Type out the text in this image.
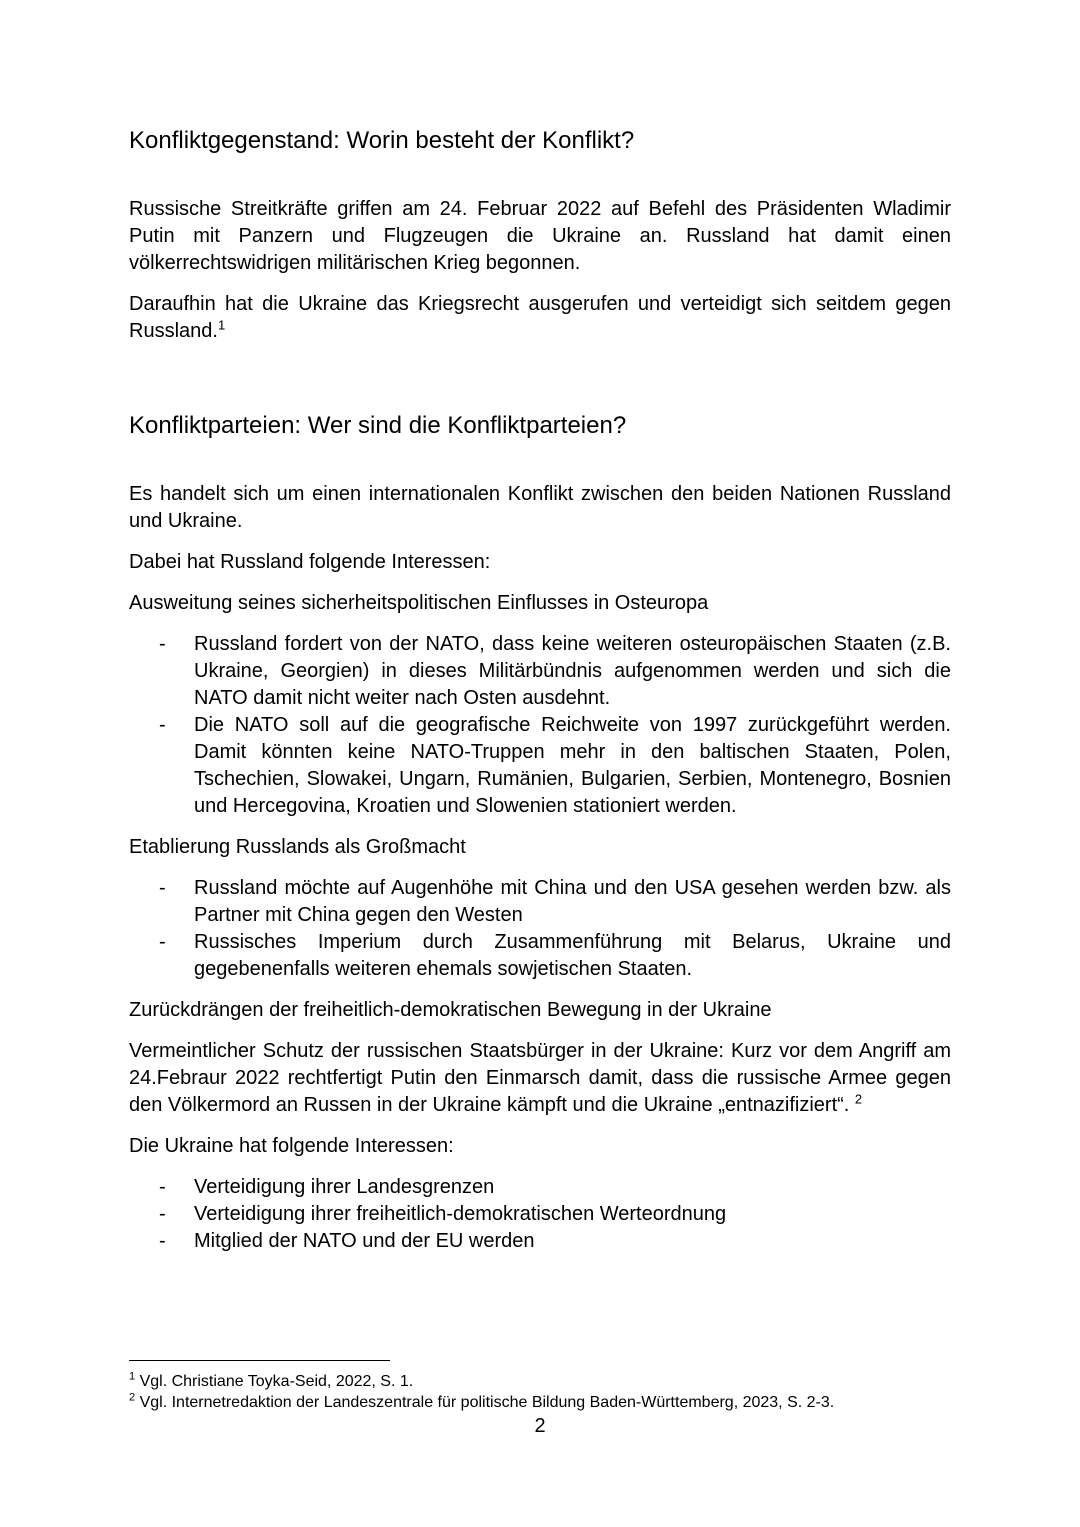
Konfliktgegenstand: Worin besteht der Konflikt?

Russische Streitkräfte griffen am 24. Februar 2022 auf Befehl des Präsidenten Wladimir Putin mit Panzern und Flugzeugen die Ukraine an. Russland hat damit einen völkerrechtswidrigen militärischen Krieg begonnen.

Daraufhin hat die Ukraine das Kriegsrecht ausgerufen und verteidigt sich seitdem gegen Russland.$^1$

Konfliktparteien: Wer sind die Konfliktparteien?

Es handelt sich um einen internationalen Konflikt zwischen den beiden Nationen Russland und Ukraine.

Dabei hat Russland folgende Interessen:

Ausweitung seines sicherheitspolitischen Einflusses in Osteuropa

- Russland fordert von der NATO, dass keine weiteren osteuropäischen Staaten (z.B. Ukraine, Georgien) in dieses Militärbündnis aufgenommen werden und sich die NATO damit nicht weiter nach Osten ausdehnt.
- Die NATO soll auf die geografische Reichweite von 1997 zurückgeführt werden. Damit könnten keine NATO-Truppen mehr in den baltischen Staaten, Polen, Tschechien, Slowakei, Ungarn, Rumänien, Bulgarien, Serbien, Montenegro, Bosnien und Hercegovina, Kroatien und Slowenien stationiert werden.

Etablierung Russlands als Großmacht

- Russland möchte auf Augenhöhe mit China und den USA gesehen werden bzw. als Partner mit China gegen den Westen
- Russisches Imperium durch Zusammenführung mit Belarus, Ukraine und gegebenenfalls weiteren ehemals sowjetischen Staaten.

Zurückdrängen der freiheitlich-demokratischen Bewegung in der Ukraine

Vermeintlicher Schutz der russischen Staatsbürger in der Ukraine: Kurz vor dem Angriff am 24.Febraur 2022 rechtfertigt Putin den Einmarsch damit, dass die russische Armee gegen den Völkermord an Russen in der Ukraine kämpft und die Ukraine „entnazifiziert“. $^2$

Die Ukraine hat folgende Interessen:

- Verteidigung ihrer Landesgrenzen
- Verteidigung ihrer freiheitlich-demokratischen Werteordnung
- Mitglied der NATO und der EU werden
$^1$ Vgl. Christiane Toyka-Seid, 2022, S. 1.
$^2$ Vgl. Internetredaktion der Landeszentrale für politische Bildung Baden-Württemberg, 2023, S. 2-3.
2
